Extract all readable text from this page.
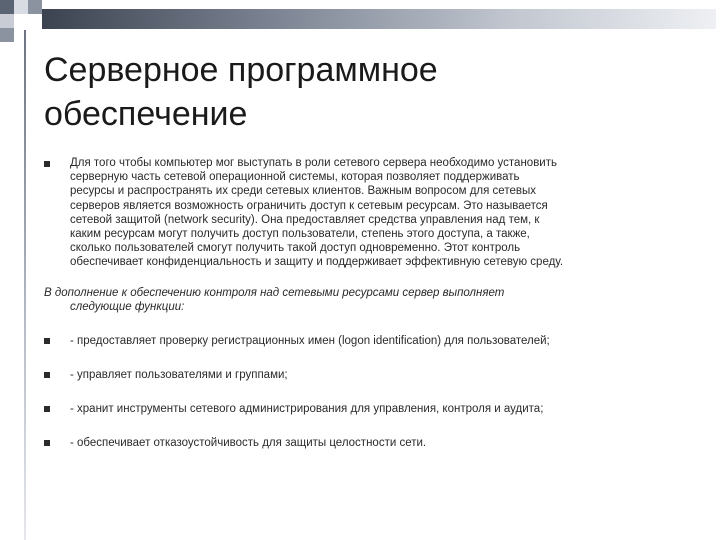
Серверное программное
обеспечение
Для того чтобы компьютер мог выступать в роли сетевого сервера необходимо установить
серверную часть сетевой операционной системы, которая позволяет поддерживать
ресурсы и распространять их среди сетевых клиентов. Важным вопросом для сетевых
серверов является возможность ограничить доступ к сетевым ресурсам. Это называется
сетевой защитой (network security). Она предоставляет средства управления над тем, к
каким ресурсам могут получить доступ пользователи, степень этого доступа, а также,
сколько пользователей смогут получить такой доступ одновременно. Этот контроль
обеспечивает конфиденциальность и защиту и поддерживает эффективную сетевую среду.
В дополнение к обеспечению контроля над сетевыми ресурсами сервер выполняет
следующие функции:
- предоставляет проверку регистрационных имен (logon identification) для пользователей;
- управляет пользователями и группами;
- хранит инструменты сетевого администрирования для управления, контроля и аудита;
- обеспечивает отказоустойчивость для защиты целостности сети.
